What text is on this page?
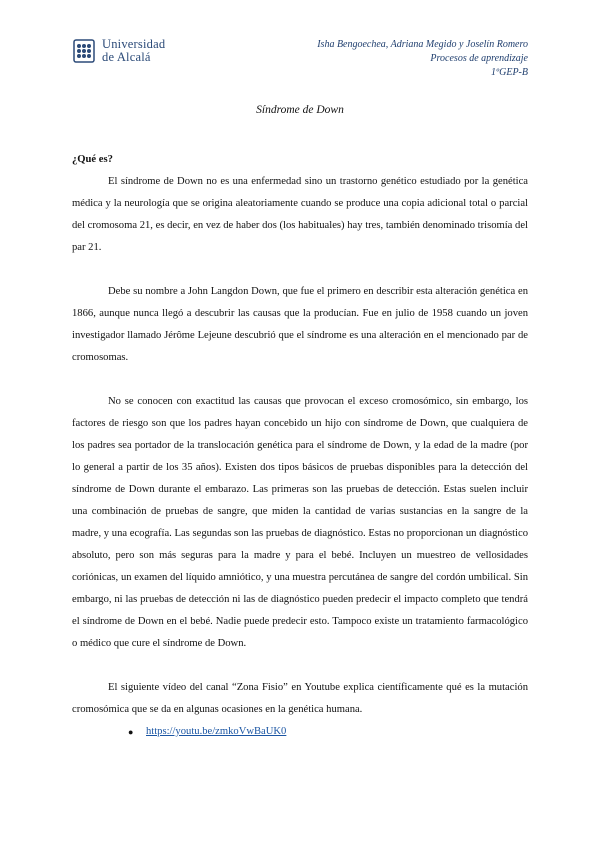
Universidad
de Alcalá
Isha Bengoechea, Adriana Megido y Joselín Romero
Procesos de aprendizaje
1ºGEP-B
Síndrome de Down
¿Qué es?

El síndrome de Down no es una enfermedad sino un trastorno genético estudiado por la genética médica y la neurología que se origina aleatoriamente cuando se produce una copia adicional total o parcial del cromosoma 21, es decir, en vez de haber dos (los habituales) hay tres, también denominado trisomía del par 21.

Debe su nombre a John Langdon Down, que fue el primero en describir esta alteración genética en 1866, aunque nunca llegó a descubrir las causas que la producían. Fue en julio de 1958 cuando un joven investigador llamado Jérôme Lejeune descubrió que el síndrome es una alteración en el mencionado par de cromosomas.

No se conocen con exactitud las causas que provocan el exceso cromosómico, sin embargo, los factores de riesgo son que los padres hayan concebido un hijo con síndrome de Down, que cualquiera de los padres sea portador de la translocación genética para el síndrome de Down, y la edad de la madre (por lo general a partir de los 35 años). Existen dos tipos básicos de pruebas disponibles para la detección del síndrome de Down durante el embarazo. Las primeras son las pruebas de detección. Estas suelen incluir una combinación de pruebas de sangre, que miden la cantidad de varias sustancias en la sangre de la madre, y una ecografía. Las segundas son las pruebas de diagnóstico. Estas no proporcionan un diagnóstico absoluto, pero son más seguras para la madre y para el bebé. Incluyen un muestreo de vellosidades coriónicas, un examen del líquido amniótico, y una muestra percutánea de sangre del cordón umbilical. Sin embargo, ni las pruebas de detección ni las de diagnóstico pueden predecir el impacto completo que tendrá el síndrome de Down en el bebé. Nadie puede predecir esto. Tampoco existe un tratamiento farmacológico o médico que cure el síndrome de Down.

El siguiente vídeo del canal “Zona Fisio” en Youtube explica científicamente qué es la mutación cromosómica que se da en algunas ocasiones en la genética humana.

●	https://youtu.be/zmkoVwBaUK0
